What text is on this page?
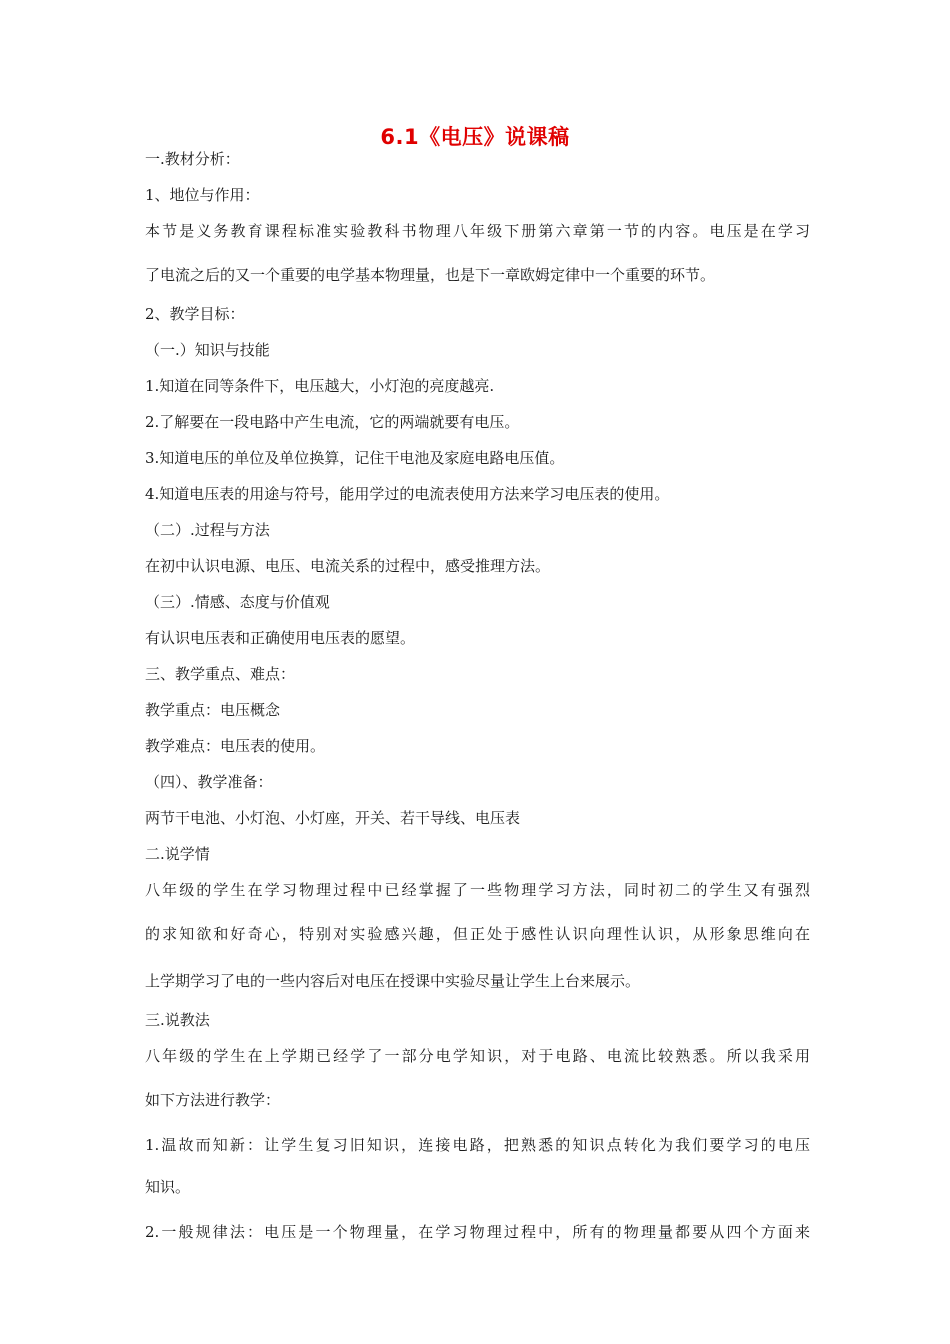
6.1《电压》说课稿
一.教材分析：
1、地位与作用：
本节是义务教育课程标准实验教科书物理八年级下册第六章第一节的内容。电压是在学习
了电流之后的又一个重要的电学基本物理量，也是下一章欧姆定律中一个重要的环节。
2、教学目标：
（一.）知识与技能
1.知道在同等条件下，电压越大，小灯泡的亮度越亮.
2.了解要在一段电路中产生电流，它的两端就要有电压。
3.知道电压的单位及单位换算，记住干电池及家庭电路电压值。
4.知道电压表的用途与符号，能用学过的电流表使用方法来学习电压表的使用。
（二）.过程与方法
在初中认识电源、电压、电流关系的过程中，感受推理方法。
（三）.情感、态度与价值观
有认识电压表和正确使用电压表的愿望。
三、教学重点、难点：
教学重点：电压概念
教学难点：电压表的使用。
（四）、教学准备：
两节干电池、小灯泡、小灯座，开关、若干导线、电压表
二.说学情
八年级的学生在学习物理过程中已经掌握了一些物理学习方法，同时初二的学生又有强烈
的求知欲和好奇心，特别对实验感兴趣，但正处于感性认识向理性认识，从形象思维向在
上学期学习了电的一些内容后对电压在授课中实验尽量让学生上台来展示。
三.说教法
八年级的学生在上学期已经学了一部分电学知识，对于电路、电流比较熟悉。所以我采用
如下方法进行教学：
1.温故而知新：让学生复习旧知识，连接电路，把熟悉的知识点转化为我们要学习的电压
知识。
2.一般规律法：电压是一个物理量，在学习物理过程中，所有的物理量都要从四个方面来
